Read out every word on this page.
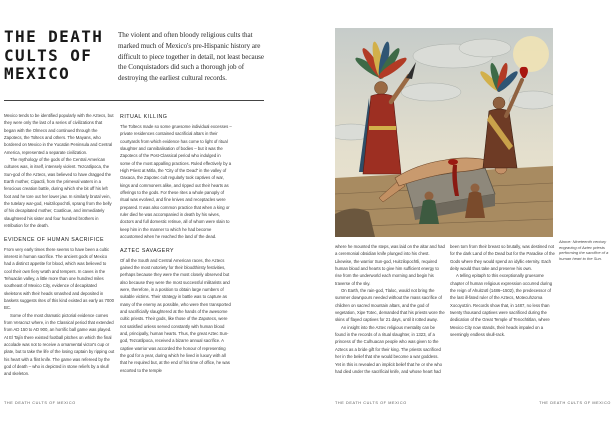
THE DEATH
CULTS OF
MEXICO
The violent and often bloody religious cults that marked much of Mexico's pre-Hispanic history are difficult to piece together in detail, not least because the Conquistadors did such a thorough job of destroying the earliest cultural records.

Mexico tends to be identified popularly with the Aztecs, but they were only the last of a series of civilizations that began with the Olmecs and continued through the Zapotecs, the Toltecs and others. The Mayans, who bordered on Mexico in the Yucatán Peninsula and Central America, represented a separate civilization.

The mythology of the gods of the Central American cultures was, in itself, intensely violent. Tezcatlipoca, the Sun-god of the Aztecs, was believed to have dragged the Earth mother, Cipactli, from the primeval waters in a ferocious creation battle, during which she bit off his left foot and he tore out her lower jaw. In similarly brutal vein, the tutelary war-god, Huitzilopochtli, sprang from the belly of his decapitated mother, Coatlicue, and immediately slaughtered his sister and four hundred brothers in retribution for the death.

EVIDENCE OF HUMAN SACRIFICE

From very early times there seems to have been a cultic interest in human sacrifice. The ancient gods of Mexico had a distinct appetite for blood, which was believed to cool their own fiery wrath and tempers. In caves in the Tehuacán valley, a little more than one hundred miles southeast of Mexico City, evidence of decapitated skeletons with their heads smashed and deposited in baskets suggests rites of this kind existed as early as 7000 BC.

Some of the most dramatic pictorial evidence comes from Veracruz where, in the Classical period that extended from AD 150 to AD 900, an horrific ball game was played. At El Tajín there existed football pitches on which the final accolade was not to receive a ornamental victor's cup or plate, but to take the life of the losing captain by ripping out his heart with a flint knife. The game was refereed by the god of death – who is depicted in stone reliefs by a skull and skeleton.

RITUAL KILLING

The Toltecs made so some gruesome individual excesses – private residences contained sacrificial altars in their courtyards from which evidence has come to light of ritual slaughter and cannibalisation of bodies – but it was the Zapotecs of the Post-Classical period who indulged in some of the most appalling practices. Ruled effectively by a High Priest at Mitla, the “City of the Dead” in the valley of Oaxaca, the Zapotec cult regularly took captives of war, kings and commoners alike, and ripped out their hearts as offerings to the gods. For these rites a whole panoply of ritual was evolved, and fine knives and receptacles were prepared. It was also common practice that when a king or ruler died he was accompanied in death by his wives, doctors and full domestic retinue, all of whom were slain to keep him in the manner to which he had become accustomed when he reached the land of the dead.

AZTEC SAVAGERY

Of all the South and Central American races, the Aztecs gained the most notoriety for their bloodthirsty festivities, perhaps because they were the most closely observed but also because they were the most successful militarists and were, therefore, in a position to obtain large numbers of suitable victims. Their strategy in battle was to capture as many of the enemy as possible, who were then transported and sacrificially slaughtered at the hands of the awesome cultic priests. Their gods, like those of the Zapotecs, were not satisfied unless served constantly with human blood and, principally, human hearts. Thus, the great Aztec Sun-god, Tezcatlipoca, received a bizarre annual sacrifice. A captive warrior was accorded the honour of representing the god for a year, during which he lived in luxury with all that he required but, at the end of his time of office, he was escorted to the temple

Above: Nineteenth century engraving of Aztec priests performing the sacrifice of a human heart to the Sun.

where he mounted the steps, was laid on the altar and had a ceremonial obsidian knife plunged into his chest. Likewise, the warrior Sun-god, Huitzilopochtli, required human blood and hearts to give him sufficient energy to rise from the underworld each morning and begin his traverse of the sky.

On Earth, the rain-god, Tlaloc, would not bring the summer downpours needed without the mass sacrifice of children on sacred mountain altars, and the god of vegetation, Xipe Totec, demanded that his priests wore the skins of flayed captives for 21 days, until it rotted away.

An insight into the Aztec religious mentality can be found in the records of a ritual slaughter, in 1323, of a princess of the Culhuacan people who was given to the Aztecs as a bride gift for their king. The priests sacrificed her in the belief that she would become a war goddess. Yet in this is revealed an implicit belief that he or she who had died under the sacrificial knife, and whose heart had

been torn from their breast so brutally, was destined not for the dark Land of the Dead but for the Paradise of the Gods where they would spend an idyllic eternity. Each deity would thus take and preserve his own.

A telling epitaph to this exceptionally gruesome chapter of human religious expression occurred during the reign of Ahuitzotl (1486–1502), the predecessor of the last ill-fated ruler of the Aztecs, Motecuhzoma Xocoyotzin. Records show that, in 1487, no less than twenty thousand captives were sacrificed during the dedication of the Great Temple of Tenochtitlan, where Mexico City now stands, their heads impaled on a seemingly endless skull-rack.

THE DEATH CULTS OF MEXICO	THE DEATH CULTS OF MEXICO	THE DEATH CULTS OF MEXICO
